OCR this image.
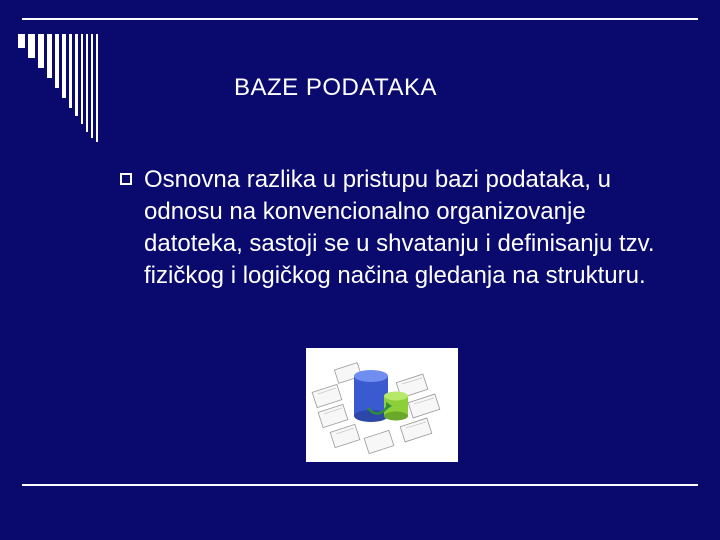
BAZE PODATAKA
Osnovna razlika u pristupu bazi podataka, u odnosu na konvencionalno organizovanje datoteka, sastoji se u shvatanju i definisanju tzv. fizičkog i logičkog načina gledanja na strukturu.
